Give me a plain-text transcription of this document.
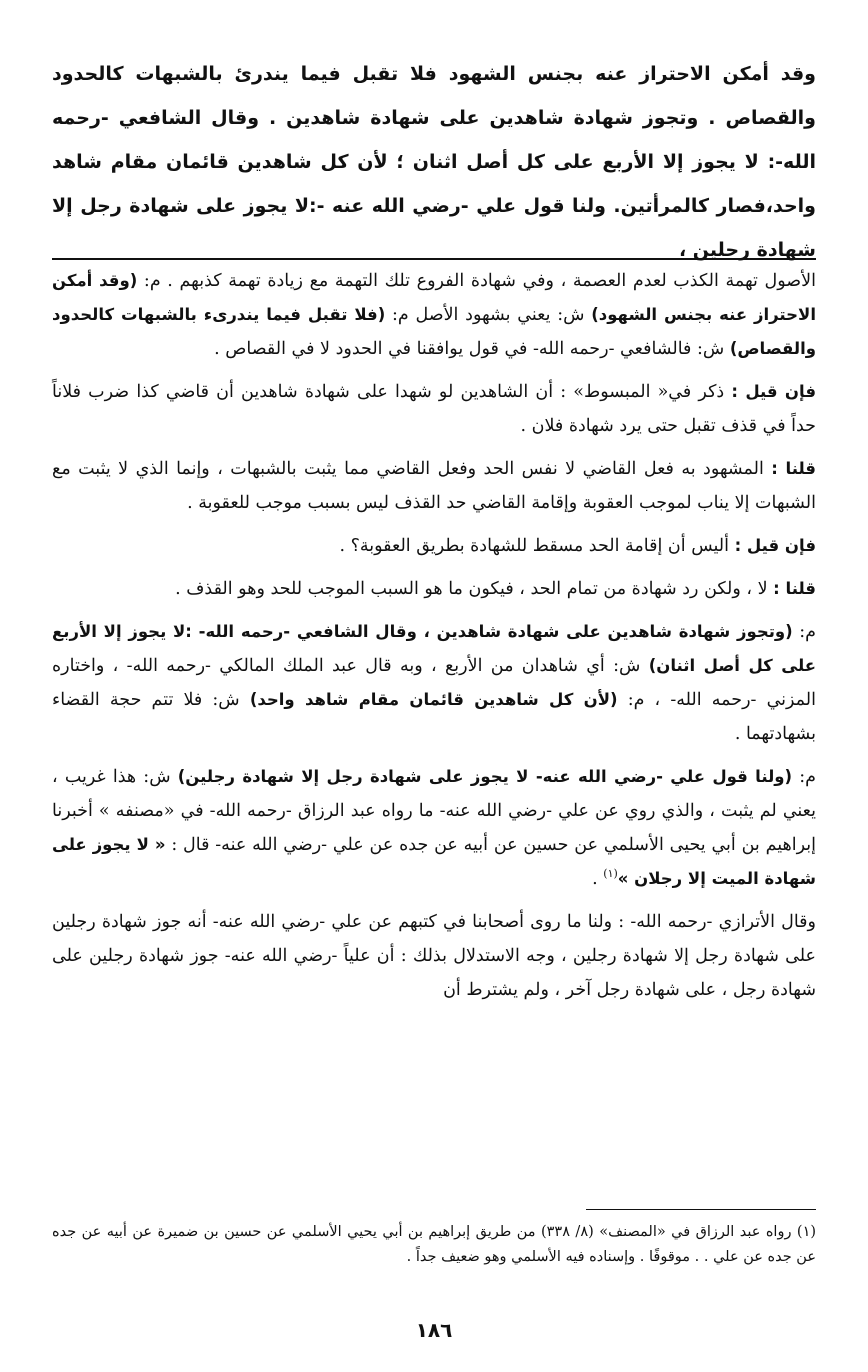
وقد أمكن الاحتراز عنه بجنس الشهود فلا تقبل فيما يندرئ بالشبهات كالحدود والقصاص . وتجوز شهادة شاهدين على شهادة شاهدين . وقال الشافعي -رحمه الله-: لا يجوز إلا الأربع على كل أصل اثنان ؛ لأن كل شاهدين قائمان مقام شاهد واحد،فصار كالمرأتين. ولنا قول علي -رضي الله عنه -:لا يجوز على شهادة رجل إلا شهادة رجلين ،

الأصول تهمة الكذب لعدم العصمة ، وفي شهادة الفروع تلك التهمة مع زيادة تهمة كذبهم . م: (وقد أمكن الاحتراز عنه بجنس الشهود) ش: يعني بشهود الأصل م: (فلا تقبل فيما يندرىء بالشبهات كالحدود والقصاص) ش: فالشافعي -رحمه الله- في قول يوافقنا في الحدود لا في القصاص .

فإن قيل : ذكر في« المبسوط» : أن الشاهدين لو شهدا على شهادة شاهدين أن قاضي كذا ضرب فلاناً حداً في قذف تقبل حتى يرد شهادة فلان .

قلنا : المشهود به فعل القاضي لا نفس الحد وفعل القاضي مما يثبت بالشبهات ، وإنما الذي لا يثبت مع الشبهات إلا يناب لموجب العقوبة وإقامة القاضي حد القذف ليس بسبب موجب للعقوبة .

فإن قيل : أليس أن إقامة الحد مسقط للشهادة بطريق العقوبة؟ .

قلنا : لا ، ولكن رد شهادة من تمام الحد ، فيكون ما هو السبب الموجب للحد وهو القذف .

م: (وتجوز شهادة شاهدين على شهادة شاهدين ، وقال الشافعي -رحمه الله- :لا يجوز إلا الأربع على كل أصل اثنان) ش: أي شاهدان من الأربع ، وبه قال عبد الملك المالكي -رحمه الله- ، واختاره المزني -رحمه الله- ، م: (لأن كل شاهدين قائمان مقام شاهد واحد) ش: فلا تتم حجة القضاء بشهادتهما .

م: (ولنا قول علي -رضي الله عنه- لا يجوز على شهادة رجل إلا شهادة رجلين) ش: هذا غريب ، يعني لم يثبت ، والذي روي عن علي -رضي الله عنه- ما رواه عبد الرزاق -رحمه الله- في «مصنفه » أخبرنا إبراهيم بن أبي يحيى الأسلمي عن حسين عن أبيه عن جده عن علي -رضي الله عنه- قال : « لا يجوز على شهادة الميت إلا رجلان »$^{(١)}$ .

وقال الأترازي -رحمه الله- : ولنا ما روى أصحابنا في كتبهم عن علي -رضي الله عنه- أنه جوز شهادة رجلين على شهادة رجل إلا شهادة رجلين ، وجه الاستدلال بذلك : أن علياً -رضي الله عنه- جوز شهادة رجلين على شهادة رجل ، على شهادة رجل آخر ، ولم يشترط أن

(١) رواه عبد الرزاق في «المصنف» (٨/ ٣٣٨) من طريق إبراهيم بن أبي يحيي الأسلمي عن حسين بن ضميرة عن أبيه عن جده عن جده عن علي . . موقوفًا . وإسناده فيه الأسلمي وهو ضعيف جداً .

١٨٦
